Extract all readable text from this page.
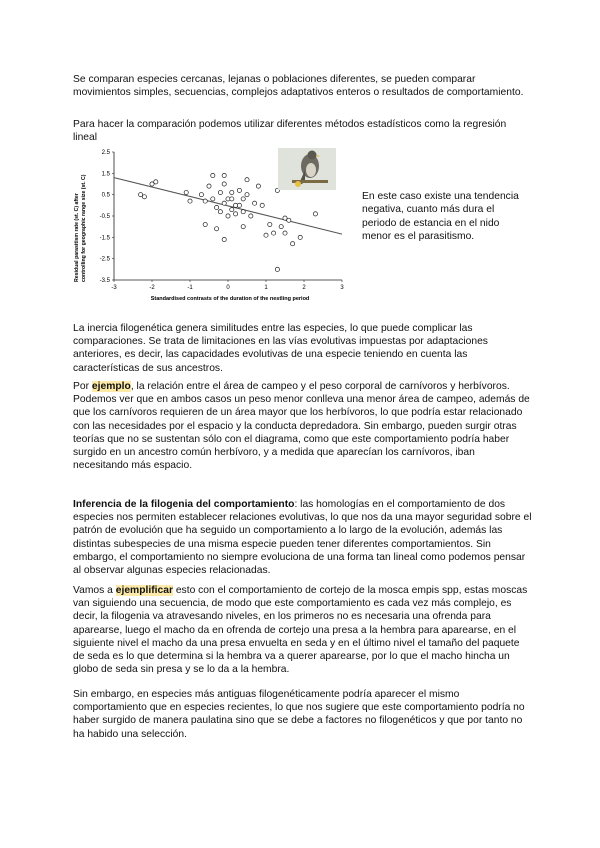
Se comparan especies cercanas, lejanas o poblaciones diferentes, se pueden comparar movimientos simples, secuencias, complejos adaptativos enteros o resultados de comportamiento.
Para hacer la comparación podemos utilizar diferentes métodos estadísticos como la regresión lineal
-3	-2	-1	0	1	2	3
2.5
1.5
0.5
-0.5
-1.5
-2.5
-3.5
Residual parasitism rate (st. C) after controlling for geographic range size (st. C)
Standardised contrasts of the duration of the nestling period
En este caso existe una tendencia negativa, cuanto más dura el periodo de estancia en el nido menor es el parasitismo.
La inercia filogenética genera similitudes entre las especies, lo que puede complicar las comparaciones. Se trata de limitaciones en las vías evolutivas impuestas por adaptaciones anteriores, es decir, las capacidades evolutivas de una especie teniendo en cuenta las características de sus ancestros.
Por ejemplo, la relación entre el área de campeo y el peso corporal de carnívoros y herbívoros. Podemos ver que en ambos casos un peso menor conlleva una menor área de campeo, además de que los carnívoros requieren de un área mayor que los herbívoros, lo que podría estar relacionado con las necesidades por el espacio y la conducta depredadora. Sin embargo, pueden surgir otras teorías que no se sustentan sólo con el diagrama, como que este comportamiento podría haber surgido en un ancestro común herbívoro, y a medida que aparecían los carnívoros, iban necesitando más espacio.
Inferencia de la filogenia del comportamiento: las homologías en el comportamiento de dos especies nos permiten establecer relaciones evolutivas, lo que nos da una mayor seguridad sobre el patrón de evolución que ha seguido un comportamiento a lo largo de la evolución, además las distintas subespecies de una misma especie pueden tener diferentes comportamientos. Sin embargo, el comportamiento no siempre evoluciona de una forma tan lineal como podemos pensar al observar algunas especies relacionadas.
Vamos a ejemplificar esto con el comportamiento de cortejo de la mosca empis spp, estas moscas van siguiendo una secuencia, de modo que este comportamiento es cada vez más complejo, es decir, la filogenia va atravesando niveles, en los primeros no es necesaria una ofrenda para aparearse, luego el macho da en ofrenda de cortejo una presa a la hembra para aparearse, en el siguiente nivel el macho da una presa envuelta en seda y en el último nivel el tamaño del paquete de seda es lo que determina si la hembra va a querer aparearse, por lo que el macho hincha un globo de seda sin presa y se lo da a la hembra.
Sin embargo, en especies más antiguas filogenéticamente podría aparecer el mismo comportamiento que en especies recientes, lo que nos sugiere que este comportamiento podría no haber surgido de manera paulatina sino que se debe a factores no filogenéticos y que por tanto no ha habido una selección.
